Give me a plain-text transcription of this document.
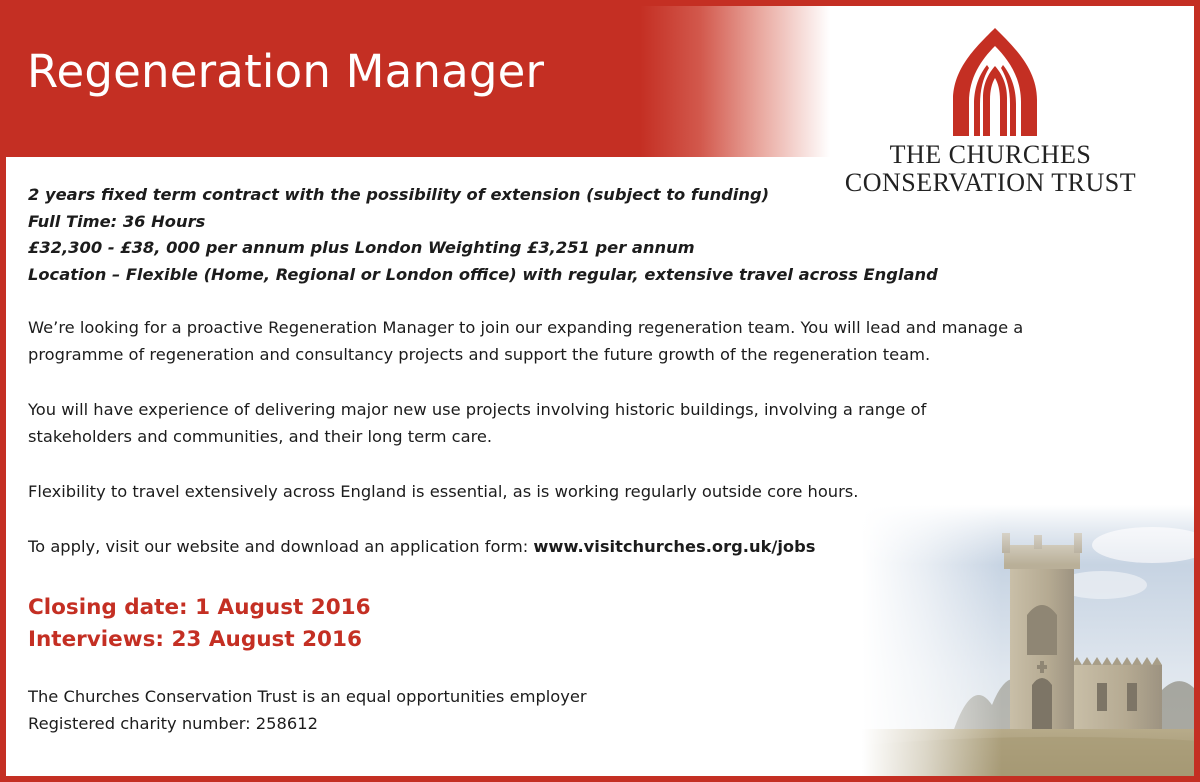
Regeneration Manager
THE CHURCHES
CONSERVATION TRUST

2 years fixed term contract with the possibility of extension (subject to funding)

Full Time: 36 Hours

£32,300 - £38, 000 per annum plus London Weighting £3,251 per annum

Location – Flexible (Home, Regional or London office) with regular, extensive travel across England

We’re looking for a proactive Regeneration Manager to join our expanding regeneration team. You will lead and manage a
programme of regeneration and consultancy projects and support the future growth of the regeneration team.

You will have experience of delivering major new use projects involving historic buildings, involving a range of
stakeholders and communities, and their long term care.

Flexibility to travel extensively across England is essential, as is working regularly outside core hours.

To apply, visit our website and download an application form: www.visitchurches.org.uk/jobs

Closing date: 1 August 2016

Interviews: 23 August 2016

The Churches Conservation Trust is an equal opportunities employer
Registered charity number: 258612
